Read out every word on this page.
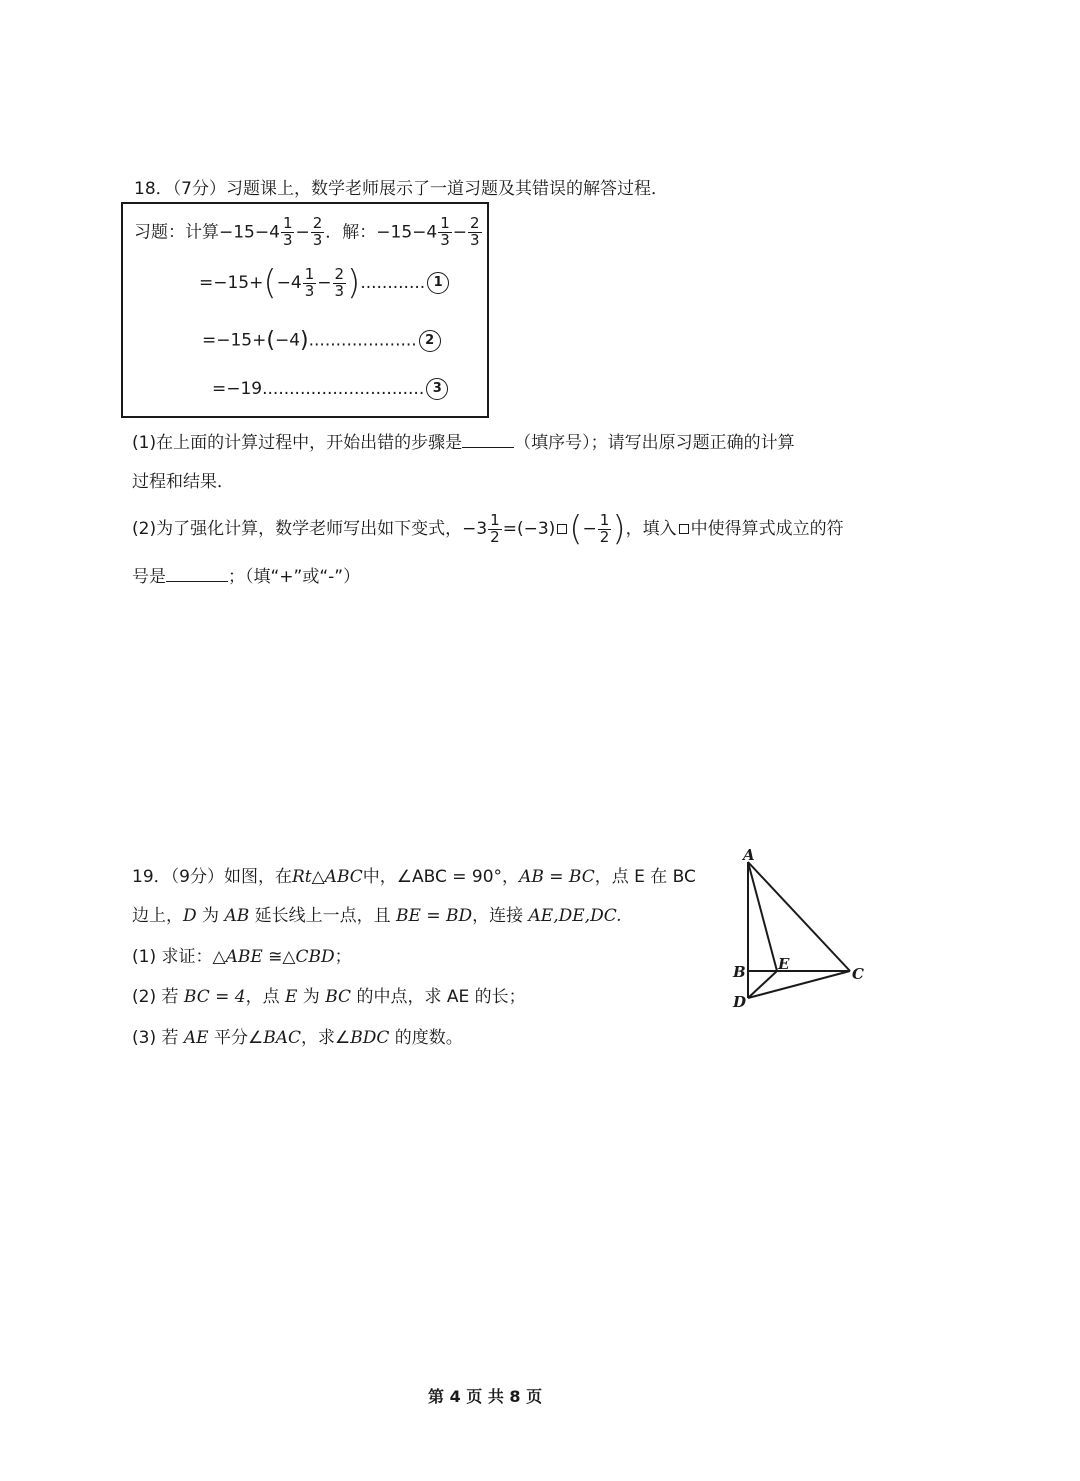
18．（7分）习题课上，数学老师展示了一道习题及其错误的解答过程．
习题：计算$-15-4 \frac{1}{3} - \frac{2}{3}$ ．解：$-15-4 \frac{1}{3} - \frac{2}{3}$
$=-15+(-4 \frac{1}{3} - \frac{2}{3}$ )............ 1
=−15+(−4).................... 2
=−19.............................. 3
(1)在上面的计算过程中，开始出错的步骤是	（填序号）；请写出原习题正确的计算
过程和结果．
(2)为了强化计算，数学老师写出如下变式，$-3 \frac{1}{2} =(-3)$ (− $\frac{1}{2}$ )，填入 中使得算式成立的符
号是	；（填“+”或“-”）
19．（9分）如图，在Rt△ABC中，∠ABC = 90°，AB = BC，点 E 在 BC
边上，D 为 AB 延长线上一点，且 BE = BD，连接 AE,DE,DC.
(1) 求证：△ABE ≅△CBD；
(2) 若 BC = 4，点 E 为 BC 的中点，求 AE 的长；
(3) 若 AE 平分∠BAC，求∠BDC 的度数。
A
B E
C
D
第 4 页 共 8 页
